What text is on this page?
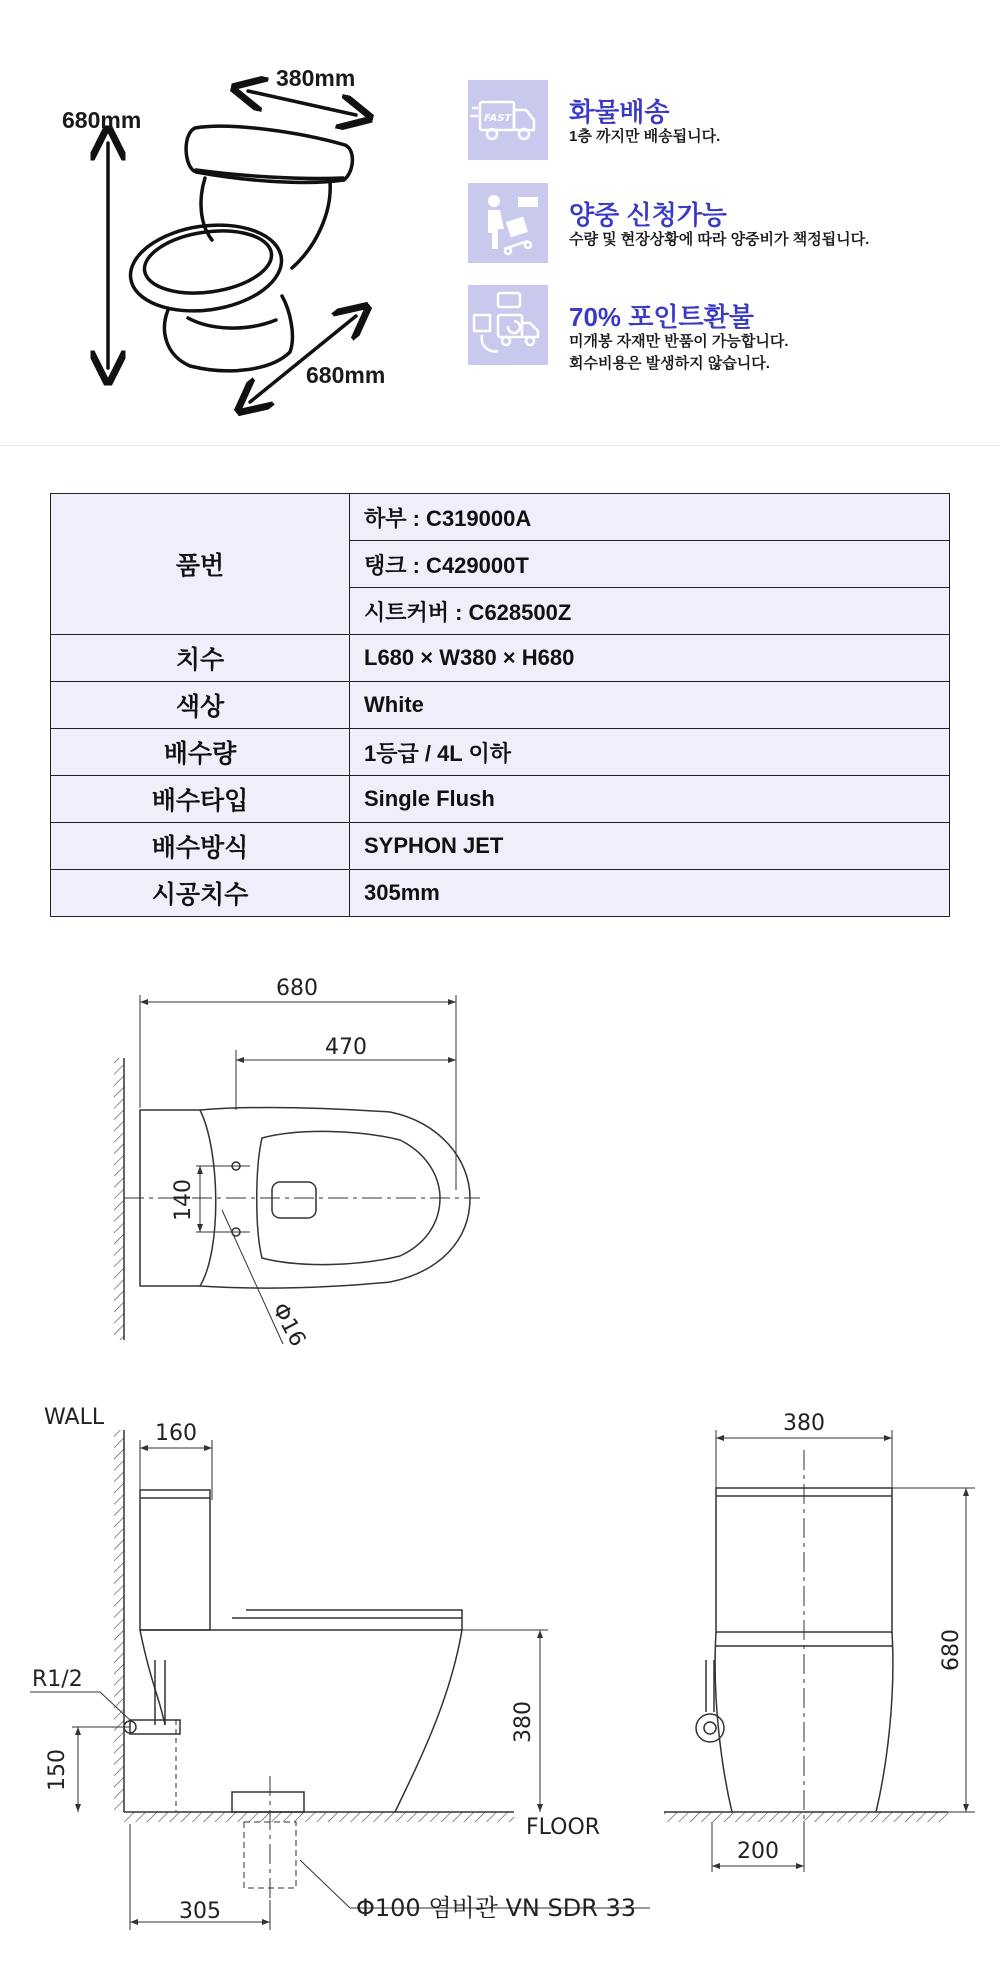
680mm
380mm
680mm
FAST 화물배송
1층 까지만 배송됩니다.
양중 신청가능
수량 및 현장상황에 따라 양중비가 책정됩니다.
70% 포인트환불
미개봉 자재만 반품이 가능합니다.
회수비용은 발생하지 않습니다.
품번	하부 : C319000A
	탱크 : C429000T
	시트커버 : C628500Z
치수	L680 × W380 × H680
색상	White
배수량	1등급 / 4L 이하
배수타입	Single Flush
배수방식	SYPHON JET
시공치수	305mm
680
470
140
Φ16
WALL
FLOOR
160
R1/2
150
380
305	Φ100 염비관 VN SDR 33
380
680
200
